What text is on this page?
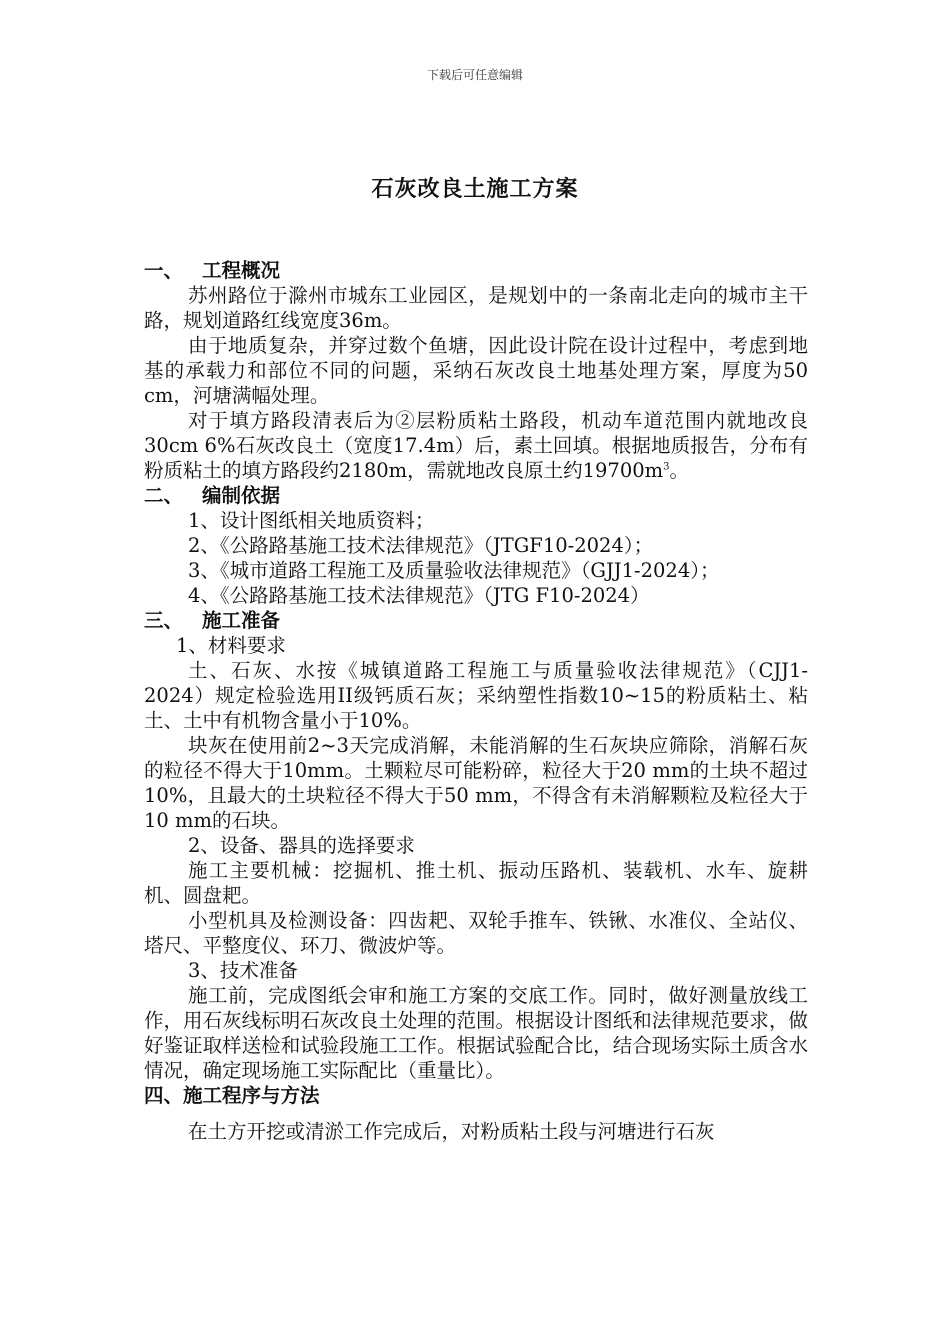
下载后可任意编辑
石灰改良土施工方案

一、 工程概况

苏州路位于滁州市城东工业园区，是规划中的一条南北走向的城市主干路，规划道路红线宽度36m。

由于地质复杂，并穿过数个鱼塘，因此设计院在设计过程中，考虑到地基的承载力和部位不同的问题，采纳石灰改良土地基处理方案，厚度为50 cm，河塘满幅处理。

对于填方路段清表后为②层粉质粘土路段，机动车道范围内就地改良30cm 6%石灰改良土（宽度17.4m）后，素土回填。根据地质报告，分布有粉质粘土的填方路段约2180m，需就地改良原土约$19700m^3$。

二、 编制依据

1、设计图纸相关地质资料；

2、《公路路基施工技术法律规范》（JTGF10-2024）；

3、《城市道路工程施工及质量验收法律规范》（GJJ1-2024）；

4、《公路路基施工技术法律规范》（JTG F10-2024）

三、 施工准备

1、材料要求

土、石灰、水按《城镇道路工程施工与质量验收法律规范》（CJJ1-2024）规定检验选用II级钙质石灰；采纳塑性指数10~15的粉质粘土、粘土、土中有机物含量小于10%。

块灰在使用前2~3天完成消解，未能消解的生石灰块应筛除，消解石灰的粒径不得大于10mm。土颗粒尽可能粉碎，粒径大于20 mm的土块不超过10%，且最大的土块粒径不得大于50 mm，不得含有未消解颗粒及粒径大于10 mm的石块。

2、设备、器具的选择要求

施工主要机械：挖掘机、推土机、振动压路机、装载机、水车、旋耕机、圆盘耙。

小型机具及检测设备：四齿耙、双轮手推车、铁锹、水准仪、全站仪、塔尺、平整度仪、环刀、微波炉等。

3、技术准备

施工前，完成图纸会审和施工方案的交底工作。同时，做好测量放线工作，用石灰线标明石灰改良土处理的范围。根据设计图纸和法律规范要求，做好鉴证取样送检和试验段施工工作。根据试验配合比，结合现场实际土质含水情况，确定现场施工实际配比（重量比）。

四、施工程序与方法

在土方开挖或清淤工作完成后，对粉质粘土段与河塘进行石灰
